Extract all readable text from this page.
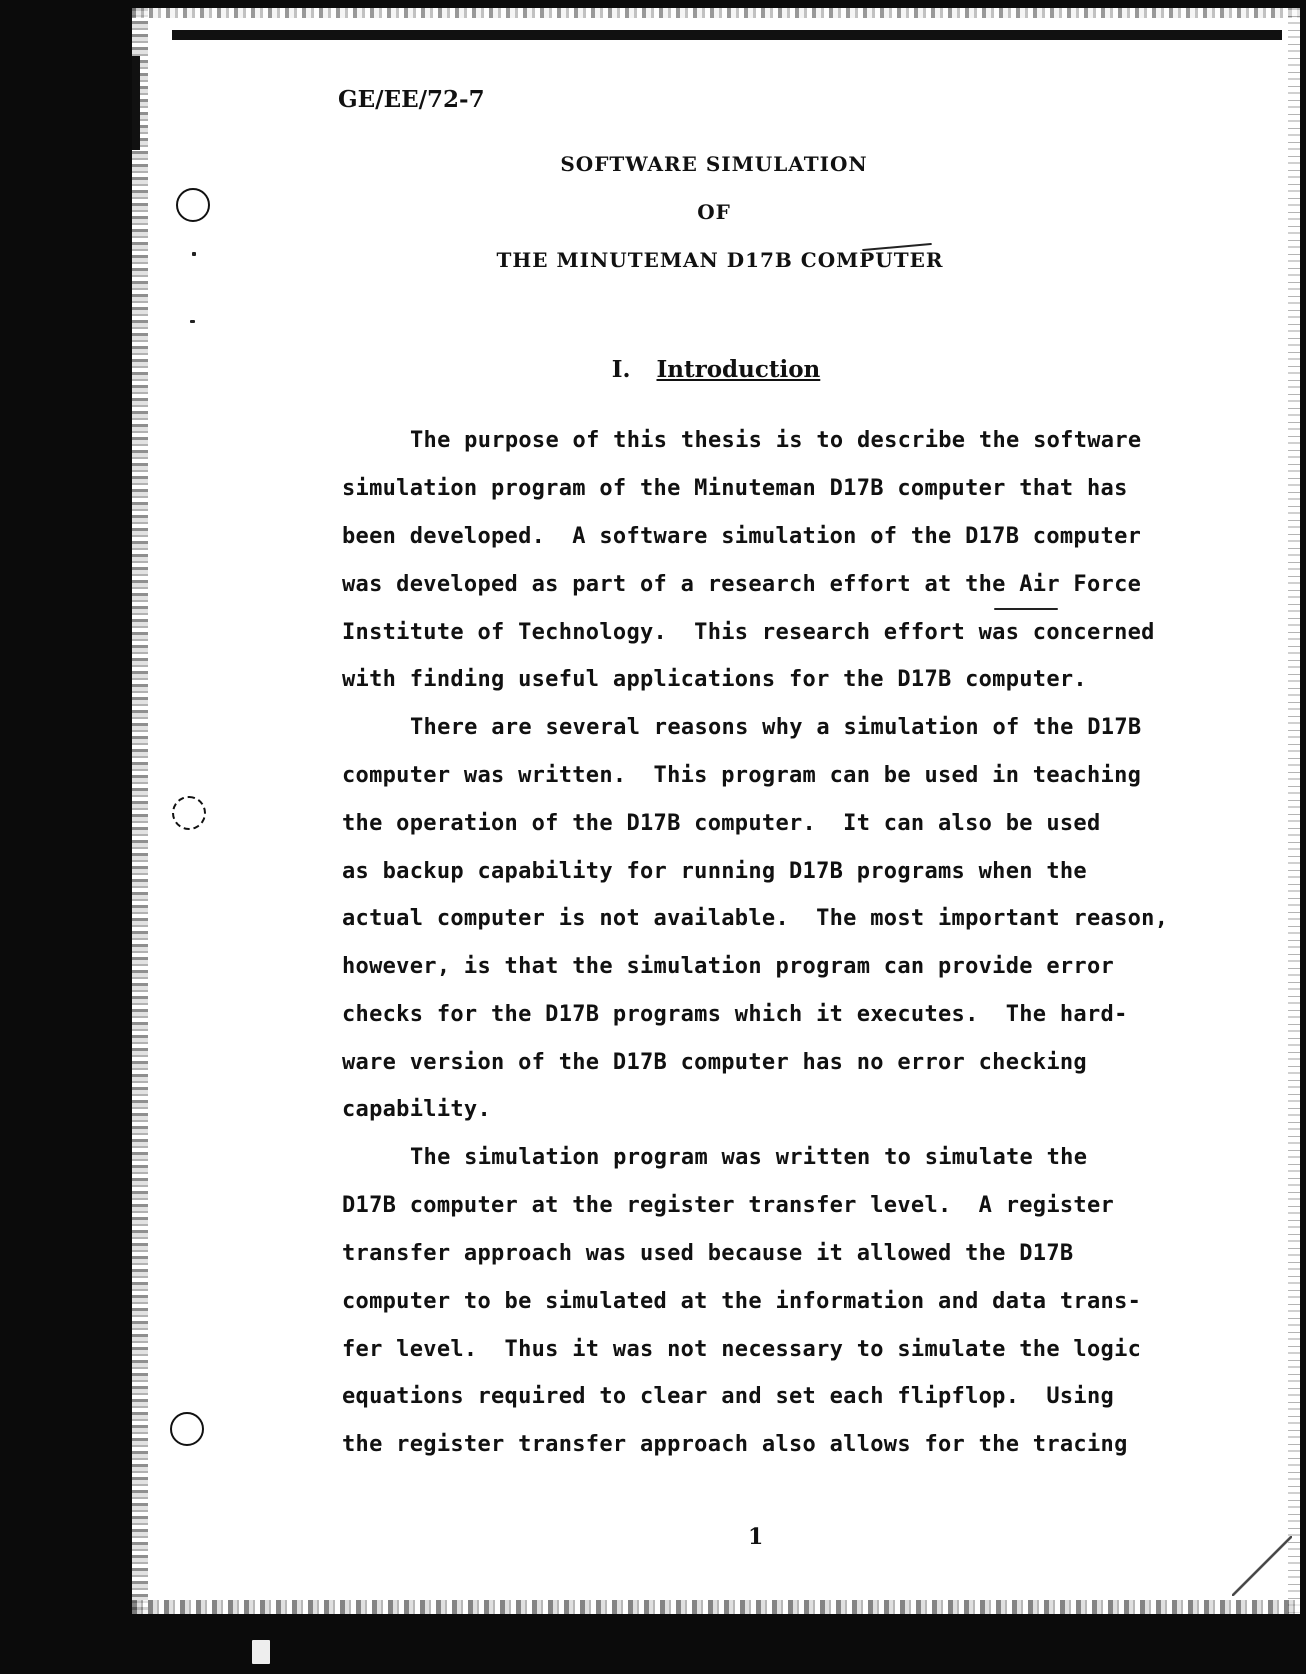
GE/EE/72-7
SOFTWARE SIMULATION
OF
THE MINUTEMAN D17B COMPUTER
I. Introduction
The purpose of this thesis is to describe the software
simulation program of the Minuteman D17B computer that has
been developed.  A software simulation of the D17B computer
was developed as part of a research effort at the Air Force
Institute of Technology.  This research effort was concerned
with finding useful applications for the D17B computer.
There are several reasons why a simulation of the D17B
computer was written.  This program can be used in teaching
the operation of the D17B computer.  It can also be used
as backup capability for running D17B programs when the
actual computer is not available.  The most important reason,
however, is that the simulation program can provide error
checks for the D17B programs which it executes.  The hard-
ware version of the D17B computer has no error checking
capability.
The simulation program was written to simulate the
D17B computer at the register transfer level.  A register
transfer approach was used because it allowed the D17B
computer to be simulated at the information and data trans-
fer level.  Thus it was not necessary to simulate the logic
equations required to clear and set each flipflop.  Using
the register transfer approach also allows for the tracing
1
